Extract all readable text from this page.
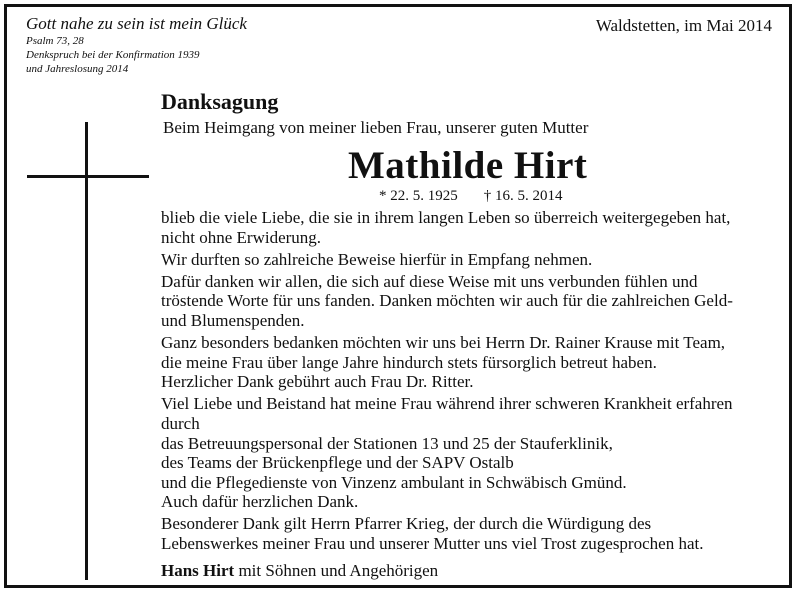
Gott nahe zu sein ist mein Glück
Psalm 73, 28
Denkspruch bei der Konfirmation 1939
und Jahreslosung 2014
Waldstetten, im Mai 2014
Danksagung
Beim Heimgang von meiner lieben Frau, unserer guten Mutter
Mathilde Hirt
* 22. 5. 1925 † 16. 5. 2014
blieb die viele Liebe, die sie in ihrem langen Leben so überreich weitergegeben hat,
nicht ohne Erwiderung.
Wir durften so zahlreiche Beweise hierfür in Empfang nehmen.
Dafür danken wir allen, die sich auf diese Weise mit uns verbunden fühlen und
tröstende Worte für uns fanden. Danken möchten wir auch für die zahlreichen Geld-
und Blumenspenden.
Ganz besonders bedanken möchten wir uns bei Herrn Dr. Rainer Krause mit Team,
die meine Frau über lange Jahre hindurch stets fürsorglich betreut haben.
Herzlicher Dank gebührt auch Frau Dr. Ritter.
Viel Liebe und Beistand hat meine Frau während ihrer schweren Krankheit erfahren
durch
das Betreuungspersonal der Stationen 13 und 25 der Stauferklinik,
des Teams der Brückenpflege und der SAPV Ostalb
und die Pflegedienste von Vinzenz ambulant in Schwäbisch Gmünd.
Auch dafür herzlichen Dank.
Besonderer Dank gilt Herrn Pfarrer Krieg, der durch die Würdigung des
Lebenswerkes meiner Frau und unserer Mutter uns viel Trost zugesprochen hat.
Hans Hirt mit Söhnen und Angehörigen
